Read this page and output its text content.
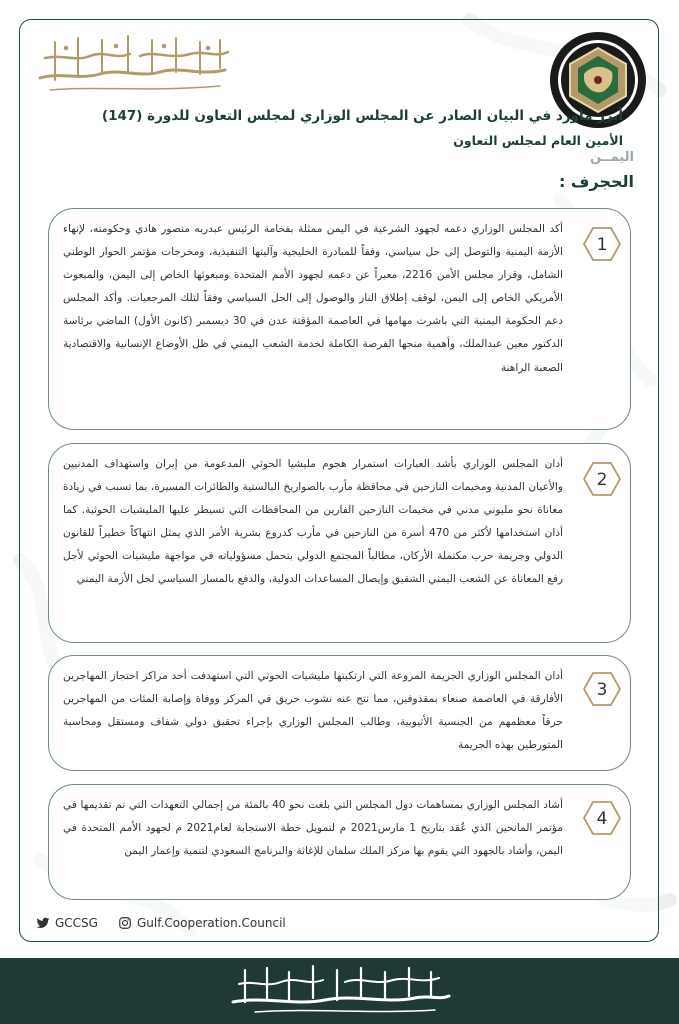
أبرز ماورد في البيان الصادر عن المجلس الوزاري لمجلس التعاون للدورة (147)
الأمين العام لمجلس التعاون
اليمــن
الحجرف :
أكد المجلس الوزاري دعمه لجهود الشرعية في اليمن ممثلة بفخامة الرئيس عبدربه منصور هادي وحكومته، لإنهاء الأزمة اليمنية والتوصل إلى حل سياسي، وفقاً للمبادرة الخليجية وآليتها التنفيذية، ومخرجات مؤتمر الحوار الوطني الشامل، وقرار مجلس الأمن 2216، معبراً عن دعمه لجهود الأمم المتحدة ومبعوثها الخاص إلى اليمن، والمبعوث الأمريكي الخاص إلى اليمن، لوقف إطلاق النار والوصول إلى الحل السياسي وفقاً لتلك المرجعيات. وأكد المجلس دعم الحكومة اليمنية التي باشرت مهامها في العاصمة المؤقتة عدن في 30 ديسمبر (كانون الأول) الماضي برئاسة الدكتور معين عبدالملك، وأهمية منحها الفرصة الكاملة لخدمة الشعب اليمني في ظل الأوضاع الإنسانية والاقتصادية الصعبة الراهنة
1
أدان المجلس الوزاري بأشد العبارات استمرار هجوم مليشيا الحوثي المدعومة من إيران واستهداف المدنيين والأعيان المدنية ومخيمات النازحين في محافظة مأرب بالصواريخ البالستية والطائرات المسيرة، بما تسبب في زيادة معاناة نحو مليوني مدني في مخيمات النازحين الفارين من المحافظات التي تسيطر عليها المليشيات الحوثية. كما أدان استخدامها لأكثر من 470 أسرة من النازحين في مأرب كدروع بشرية الأمر الذي يمثل انتهاكاً خطيراً للقانون الدولي وجريمة حرب مكتملة الأركان، مطالباً المجتمع الدولي بتحمل مسؤولياته في مواجهة مليشيات الحوثي لأجل رفع المعاناة عن الشعب اليمني الشقيق وإيصال المساعدات الدولية، والدفع بالمسار السياسي لحل الأزمة اليمني
2
أدان المجلس الوزاري الجريمة المروعة التي ارتكبتها مليشيات الحوثي التي استهدفت أحد مراكز احتجاز المهاجرين الأفارقة في العاصمة صنعاء بمقذوفين، مما نتج عنه نشوب حريق في المركز ووفاة وإصابة المئات من المهاجرين حرقاً معظمهم من الجنسية الأثيوبية، وطالب المجلس الوزاري بإجراء تحقيق دولي شفاف ومستقل ومحاسبة المتورطين بهذه الجريمة
3
أشاد المجلس الوزاري بمساهمات دول المجلس التي بلغت نحو 40 بالمئة من إجمالي التعهدات التي تم تقديمها في مؤتمر المانحين الذي عُقد بتاريخ 1 مارس2021 م لتمويل خطة الاستجابة لعام2021 م لجهود الأمم المتحدة في اليمن، وأشاد بالجهود التي يقوم بها مركز الملك سلمان للإغاثة والبرنامج السعودي لتنمية وإعمار اليمن
4
GCCSG	Gulf.Cooperation.Council
